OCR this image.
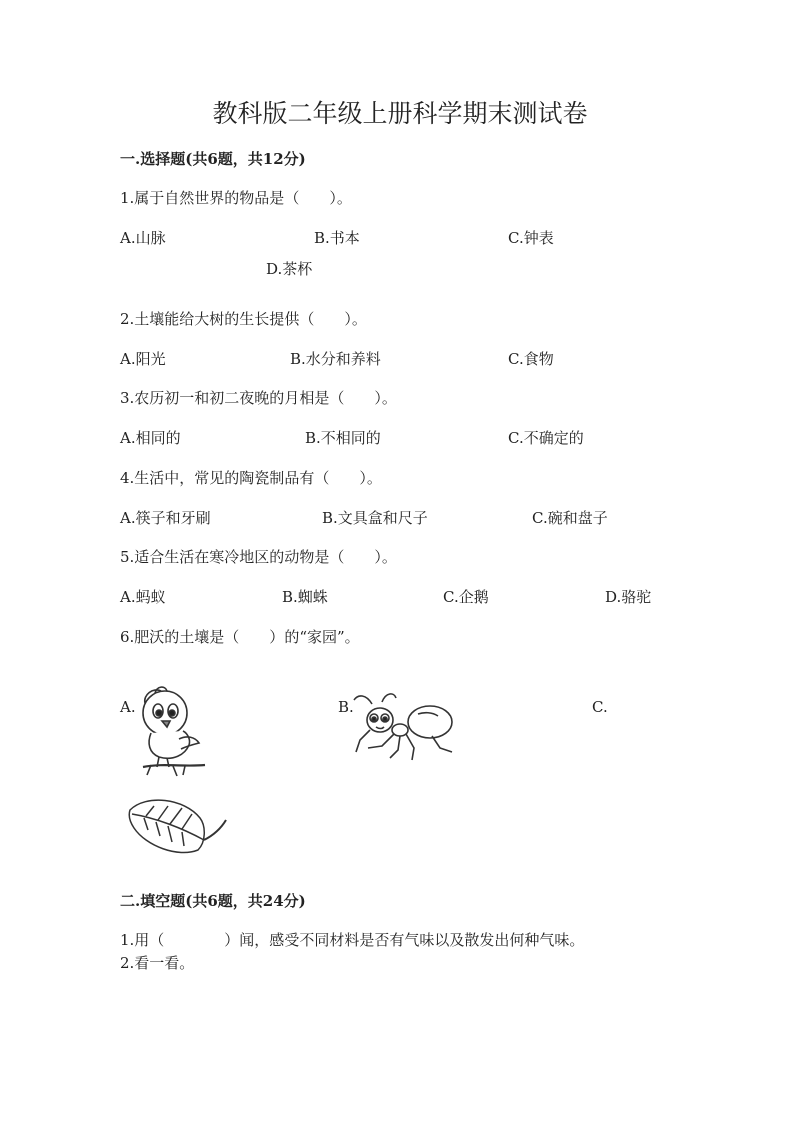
教科版二年级上册科学期末测试卷
一.选择题(共6题，共12分)
1.属于自然世界的物品是（　　）。
A.山脉	B.书本	C.钟表
D.茶杯
2.土壤能给大树的生长提供（　　）。
A.阳光	B.水分和养料	C.食物
3.农历初一和初二夜晚的月相是（　　）。
A.相同的	B.不相同的	C.不确定的
4.生活中，常见的陶瓷制品有（　　）。
A.筷子和牙刷	B.文具盒和尺子	C.碗和盘子
5.适合生活在寒冷地区的动物是（　　）。
A.蚂蚁	B.蜘蛛	C.企鹅	D.骆驼
6.肥沃的土壤是（　　）的“家园”。
A.	B.	C.
二.填空题(共6题，共24分)
1.用（　　　　）闻，感受不同材料是否有气味以及散发出何种气味。
2.看一看。
